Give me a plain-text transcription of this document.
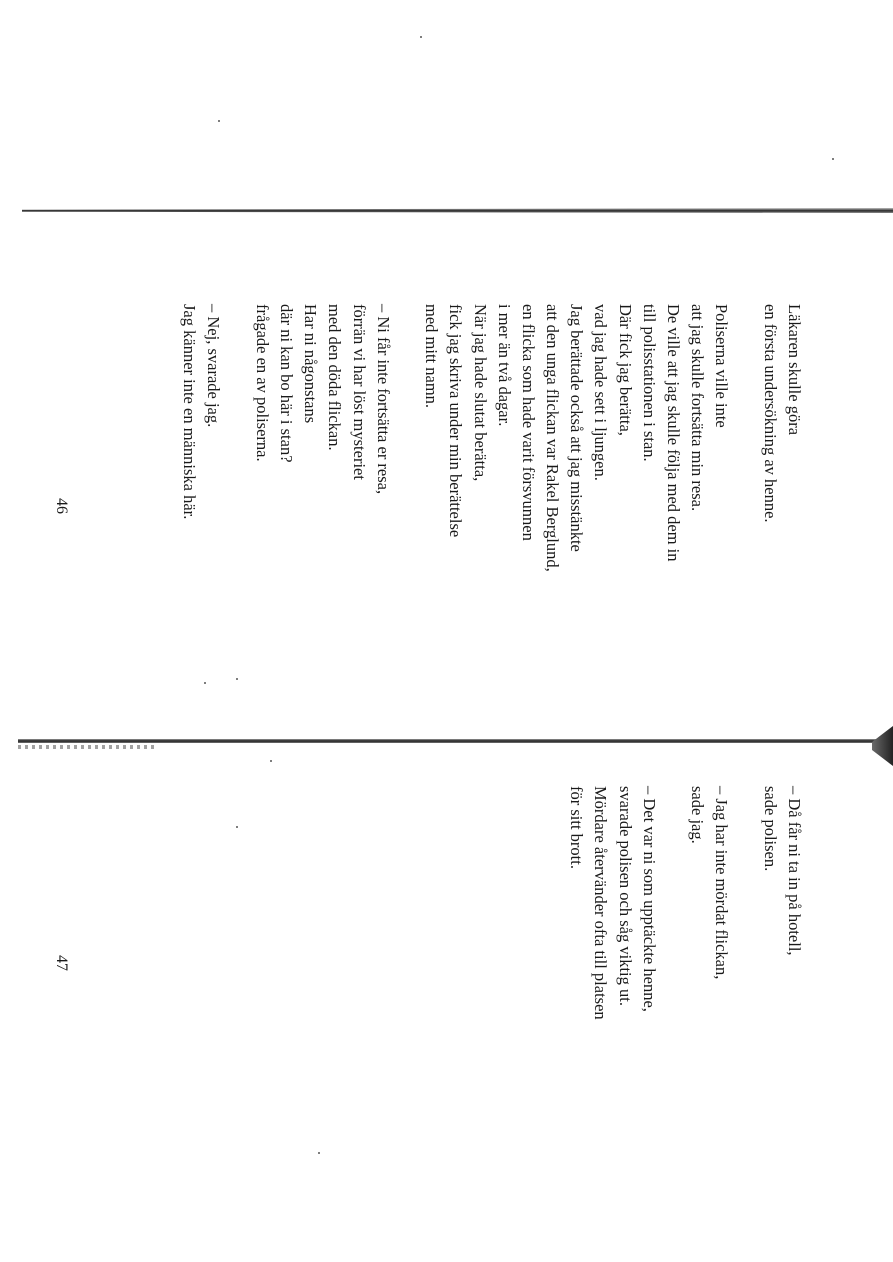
Läkaren skulle göra
en första undersökning av henne.
Poliserna ville inte
att jag skulle fortsätta min resa.
De ville att jag skulle följa med dem in
till polisstationen i stan.
Där fick jag berätta,
vad jag hade sett i ljungen.
Jag berättade också att jag misstänkte
att den unga flickan var Rakel Berglund,
en flicka som hade varit försvunnen
i mer än två dagar.
När jag hade slutat berätta,
fick jag skriva under min berättelse
med mitt namn.
– Ni får inte fortsätta er resa,
förrän vi har löst mysteriet
med den döda flickan.
Har ni någonstans
där ni kan bo här i stan?
frågade en av poliserna.
– Nej, svarade jag.
Jag känner inte en människa här.
46
– Då får ni ta in på hotell,
sade polisen.
– Jag har inte mördat flickan,
sade jag.
– Det var ni som upptäckte henne,
svarade polisen och såg viktig ut.
Mördare återvänder ofta till platsen
för sitt brott.
47
